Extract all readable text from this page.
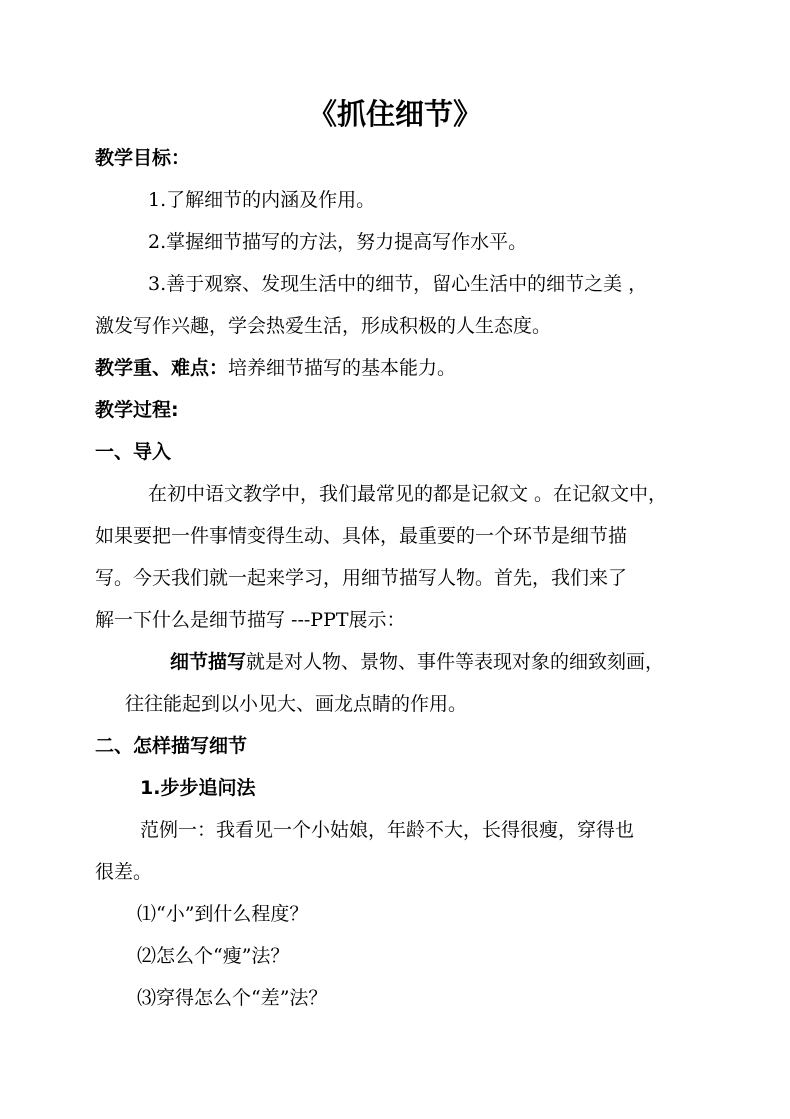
《抓住细节》
教学目标：
1.了解细节的内涵及作用。
2.掌握细节描写的方法，努力提高写作水平。
3.善于观察、发现生活中的细节，留心生活中的细节之美 ，
激发写作兴趣，学会热爱生活，形成积极的人生态度。
教学重、难点：培养细节描写的基本能力。
教学过程:
一、导入
在初中语文教学中，我们最常见的都是记叙文 。在记叙文中，
如果要把一件事情变得生动、具体，最重要的一个环节是细节描
写。今天我们就一起来学习，用细节描写人物。首先，我们来了
解一下什么是细节描写 ---PPT展示：
细节描写就是对人物、景物、事件等表现对象的细致刻画，
往往能起到以小见大、画龙点睛的作用。
二、怎样描写细节
1.步步追问法
范例一：我看见一个小姑娘，年龄不大，长得很瘦，穿得也
很差。
⑴“小”到什么程度？
⑵怎么个“瘦”法？
⑶穿得怎么个“差”法？
